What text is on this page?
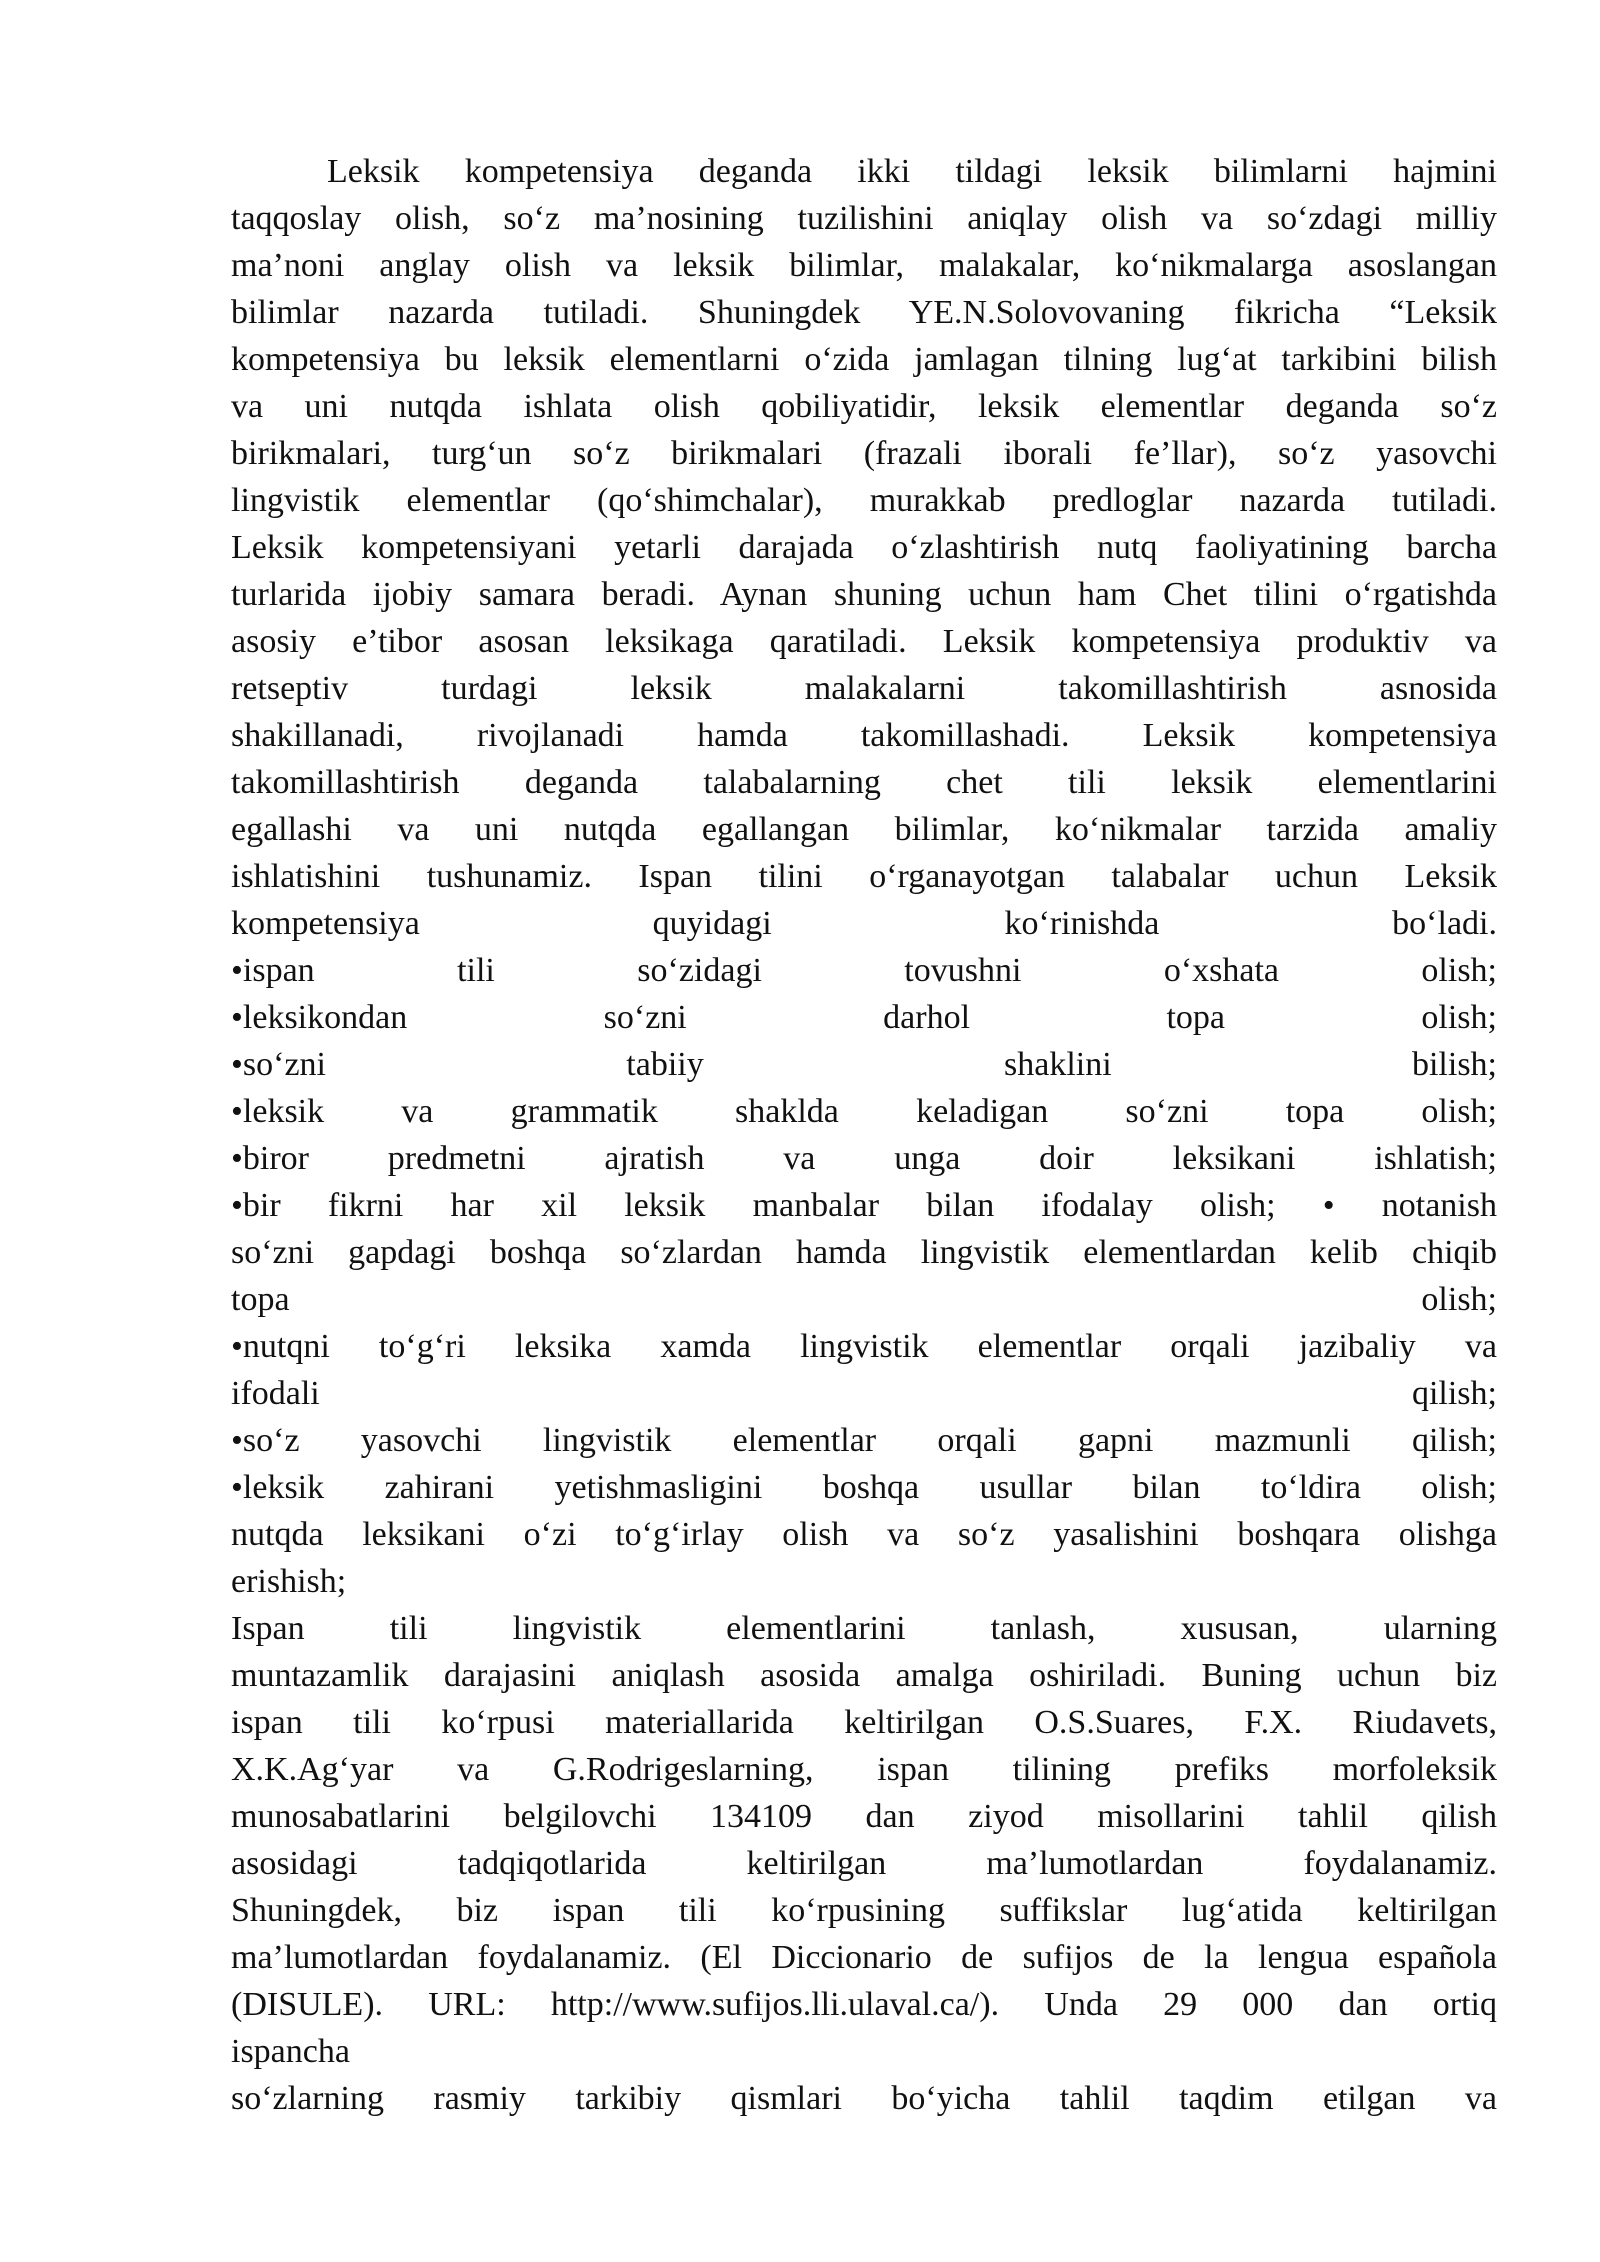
Leksik kompetensiya deganda ikki tildagi leksik bilimlarni hajmini
taqqoslay olish, so‘z ma’nosining tuzilishini aniqlay olish va so‘zdagi milliy
ma’noni anglay olish va leksik bilimlar, malakalar, ko‘nikmalarga asoslangan
bilimlar nazarda tutiladi. Shuningdek YE.N.Solovovaning fikricha “Leksik
kompetensiya bu leksik elementlarni o‘zida jamlagan tilning lug‘at tarkibini bilish
va uni nutqda ishlata olish qobiliyatidir, leksik elementlar deganda so‘z
birikmalari, turg‘un so‘z birikmalari (frazali iborali fe’llar), so‘z yasovchi
lingvistik elementlar (qo‘shimchalar), murakkab predloglar nazarda tutiladi.
Leksik kompetensiyani yetarli darajada o‘zlashtirish nutq faoliyatining barcha
turlarida ijobiy samara beradi. Aynan shuning uchun ham Chet tilini o‘rgatishda
asosiy e’tibor asosan leksikaga qaratiladi. Leksik kompetensiya produktiv va
retseptiv turdagi leksik malakalarni takomillashtirish asnosida
shakillanadi, rivojlanadi hamda takomillashadi. Leksik kompetensiya
takomillashtirish deganda talabalarning chet tili leksik elementlarini
egallashi va uni nutqda egallangan bilimlar, ko‘nikmalar tarzida amaliy
ishlatishini tushunamiz. Ispan tilini o‘rganayotgan talabalar uchun Leksik
kompetensiya quyidagi ko‘rinishda bo‘ladi.
•ispan tili so‘zidagi tovushni o‘xshata olish;
•leksikondan so‘zni darhol topa olish;
•so‘zni tabiiy shaklini bilish;
•leksik va grammatik shaklda keladigan so‘zni topa olish;
•biror predmetni ajratish va unga doir leksikani ishlatish;
•bir fikrni har xil leksik manbalar bilan ifodalay olish; • notanish
so‘zni gapdagi boshqa so‘zlardan hamda lingvistik elementlardan kelib chiqib
topa olish;
•nutqni to‘g‘ri leksika xamda lingvistik elementlar orqali jazibaliy va
ifodali qilish;
•so‘z yasovchi lingvistik elementlar orqali gapni mazmunli qilish;
•leksik zahirani yetishmasligini boshqa usullar bilan to‘ldira olish;
nutqda leksikani o‘zi to‘g‘irlay olish va so‘z yasalishini boshqara olishga
erishish;
Ispan tili lingvistik elementlarini tanlash, xususan, ularning
muntazamlik darajasini aniqlash asosida amalga oshiriladi. Buning uchun biz
ispan tili ko‘rpusi materiallarida keltirilgan O.S.Suares, F.X. Riudavets,
X.K.Ag‘yar va G.Rodrigeslarning, ispan tilining prefiks morfoleksik
munosabatlarini belgilovchi 134109 dan ziyod misollarini tahlil qilish
asosidagi tadqiqotlarida keltirilgan ma’lumotlardan foydalanamiz.
Shuningdek, biz ispan tili ko‘rpusining suffikslar lug‘atida keltirilgan
ma’lumotlardan foydalanamiz. (El Diccionario de sufijos de la lengua española
(DISULE). URL: http://www.sufijos.lli.ulaval.ca/). Unda 29 000 dan ortiq
ispancha
so‘zlarning rasmiy tarkibiy qismlari bo‘yicha tahlil taqdim etilgan va
